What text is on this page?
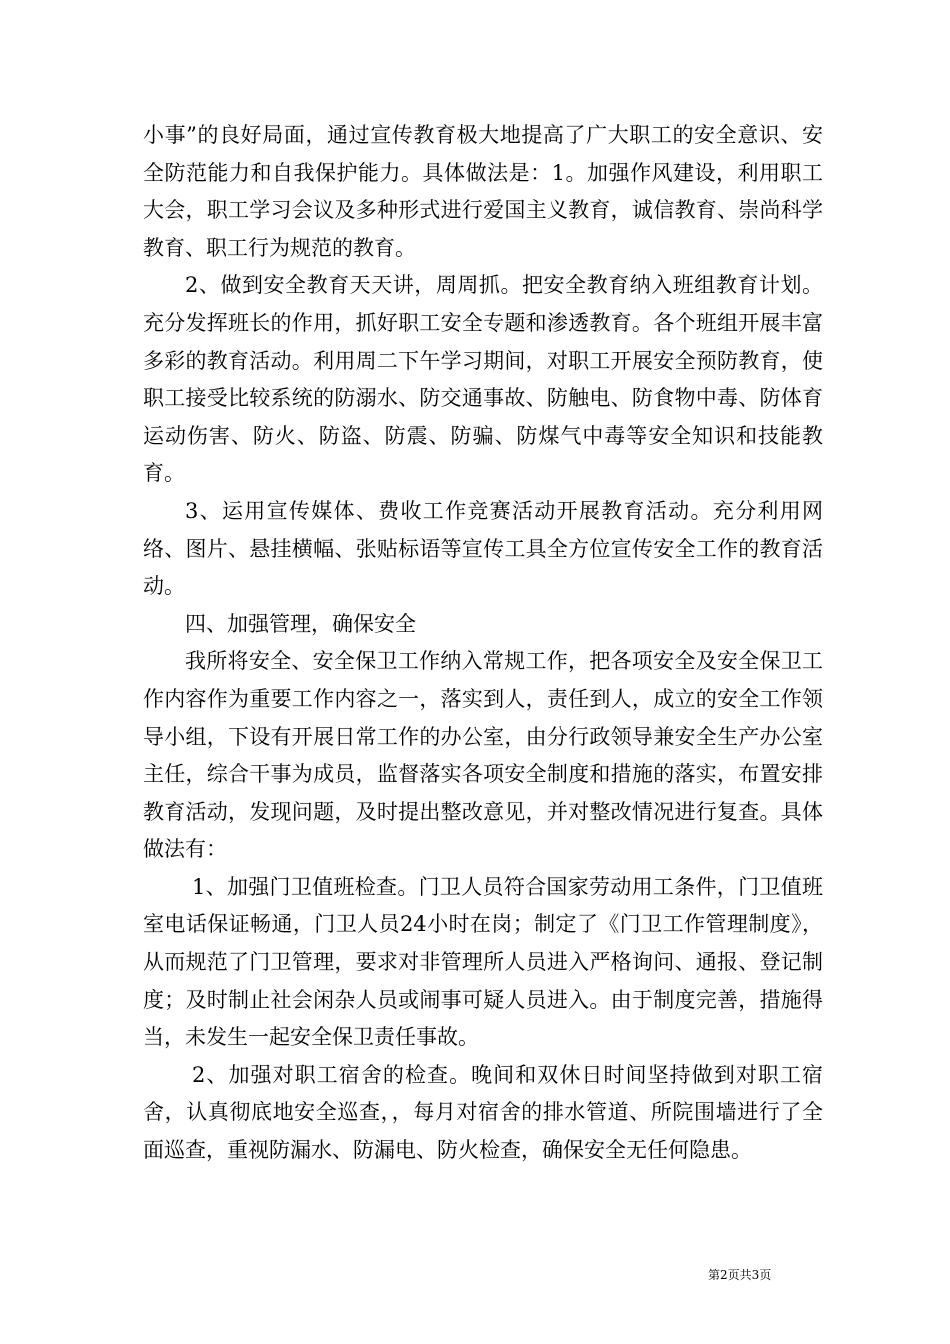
小事”的良好局面，通过宣传教育极大地提高了广大职工的安全意识、安全防范能力和自我保护能力。具体做法是：1。加强作风建设，利用职工大会，职工学习会议及多种形式进行爱国主义教育，诚信教育、崇尚科学教育、职工行为规范的教育。

2、做到安全教育天天讲，周周抓。把安全教育纳入班组教育计划。充分发挥班长的作用，抓好职工安全专题和渗透教育。各个班组开展丰富多彩的教育活动。利用周二下午学习期间，对职工开展安全预防教育，使职工接受比较系统的防溺水、防交通事故、防触电、防食物中毒、防体育运动伤害、防火、防盗、防震、防骗、防煤气中毒等安全知识和技能教育。

3、运用宣传媒体、费收工作竞赛活动开展教育活动。充分利用网络、图片、悬挂横幅、张贴标语等宣传工具全方位宣传安全工作的教育活动。

四、加强管理，确保安全

我所将安全、安全保卫工作纳入常规工作，把各项安全及安全保卫工作内容作为重要工作内容之一，落实到人，责任到人，成立的安全工作领导小组，下设有开展日常工作的办公室，由分行政领导兼安全生产办公室主任，综合干事为成员，监督落实各项安全制度和措施的落实，布置安排教育活动，发现问题，及时提出整改意见，并对整改情况进行复查。具体做法有：

1、加强门卫值班检查。门卫人员符合国家劳动用工条件，门卫值班室电话保证畅通，门卫人员24小时在岗；制定了《门卫工作管理制度》，从而规范了门卫管理，要求对非管理所人员进入严格询问、通报、登记制度；及时制止社会闲杂人员或闹事可疑人员进入。由于制度完善，措施得当，未发生一起安全保卫责任事故。

2、加强对职工宿舍的检查。晚间和双休日时间坚持做到对职工宿舍，认真彻底地安全巡查，，每月对宿舍的排水管道、所院围墙进行了全面巡查，重视防漏水、防漏电、防火检查，确保安全无任何隐患。

第2页共3页
